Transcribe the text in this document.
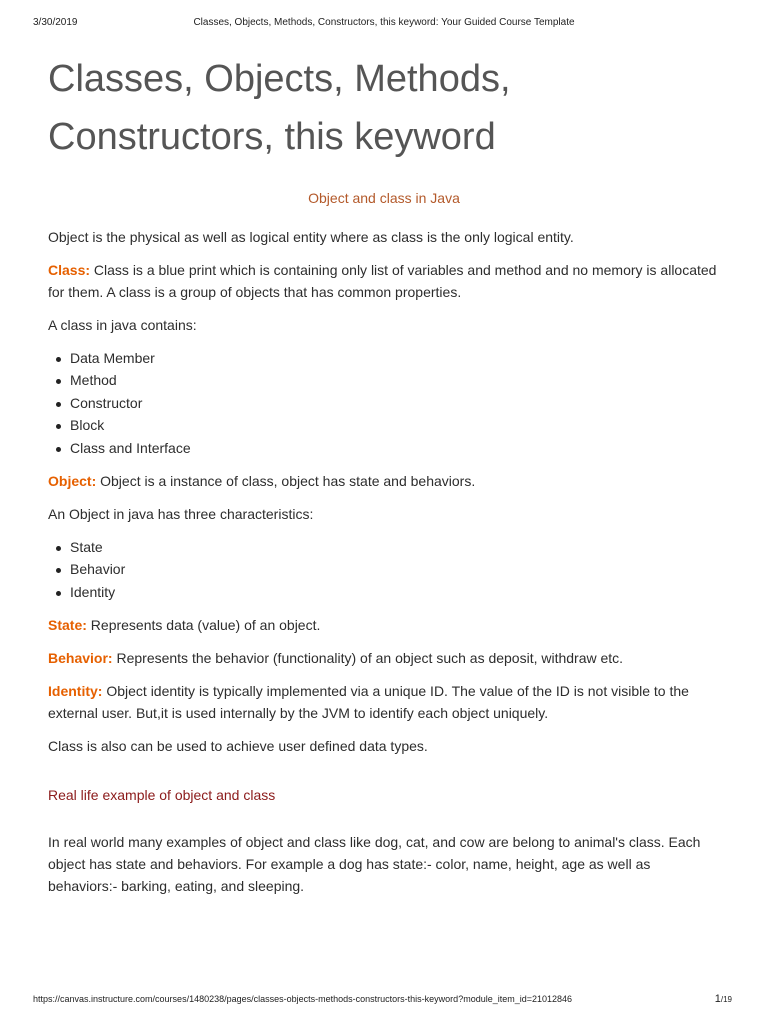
3/30/2019	Classes, Objects, Methods, Constructors, this keyword: Your Guided Course Template
Classes, Objects, Methods,
Constructors, this keyword
Object and class in Java

Object is the physical as well as logical entity where as class is the only logical entity.

Class: Class is a blue print which is containing only list of variables and method and no memory is allocated for them. A class is a group of objects that has common properties.

A class in java contains:

Data Member
Method
Constructor
Block
Class and Interface

Object: Object is a instance of class, object has state and behaviors.

An Object in java has three characteristics:

State
Behavior
Identity

State: Represents data (value) of an object.

Behavior: Represents the behavior (functionality) of an object such as deposit, withdraw etc.

Identity: Object identity is typically implemented via a unique ID. The value of the ID is not visible to the external user. But,it is used internally by the JVM to identify each object uniquely.

Class is also can be used to achieve user defined data types.

Real life example of object and class

In real world many examples of object and class like dog, cat, and cow are belong to animal's class. Each object has state and behaviors. For example a dog has state:- color, name, height, age as well as behaviors:- barking, eating, and sleeping.

https://canvas.instructure.com/courses/1480238/pages/classes-objects-methods-constructors-this-keyword?module_item_id=21012846	1/19
